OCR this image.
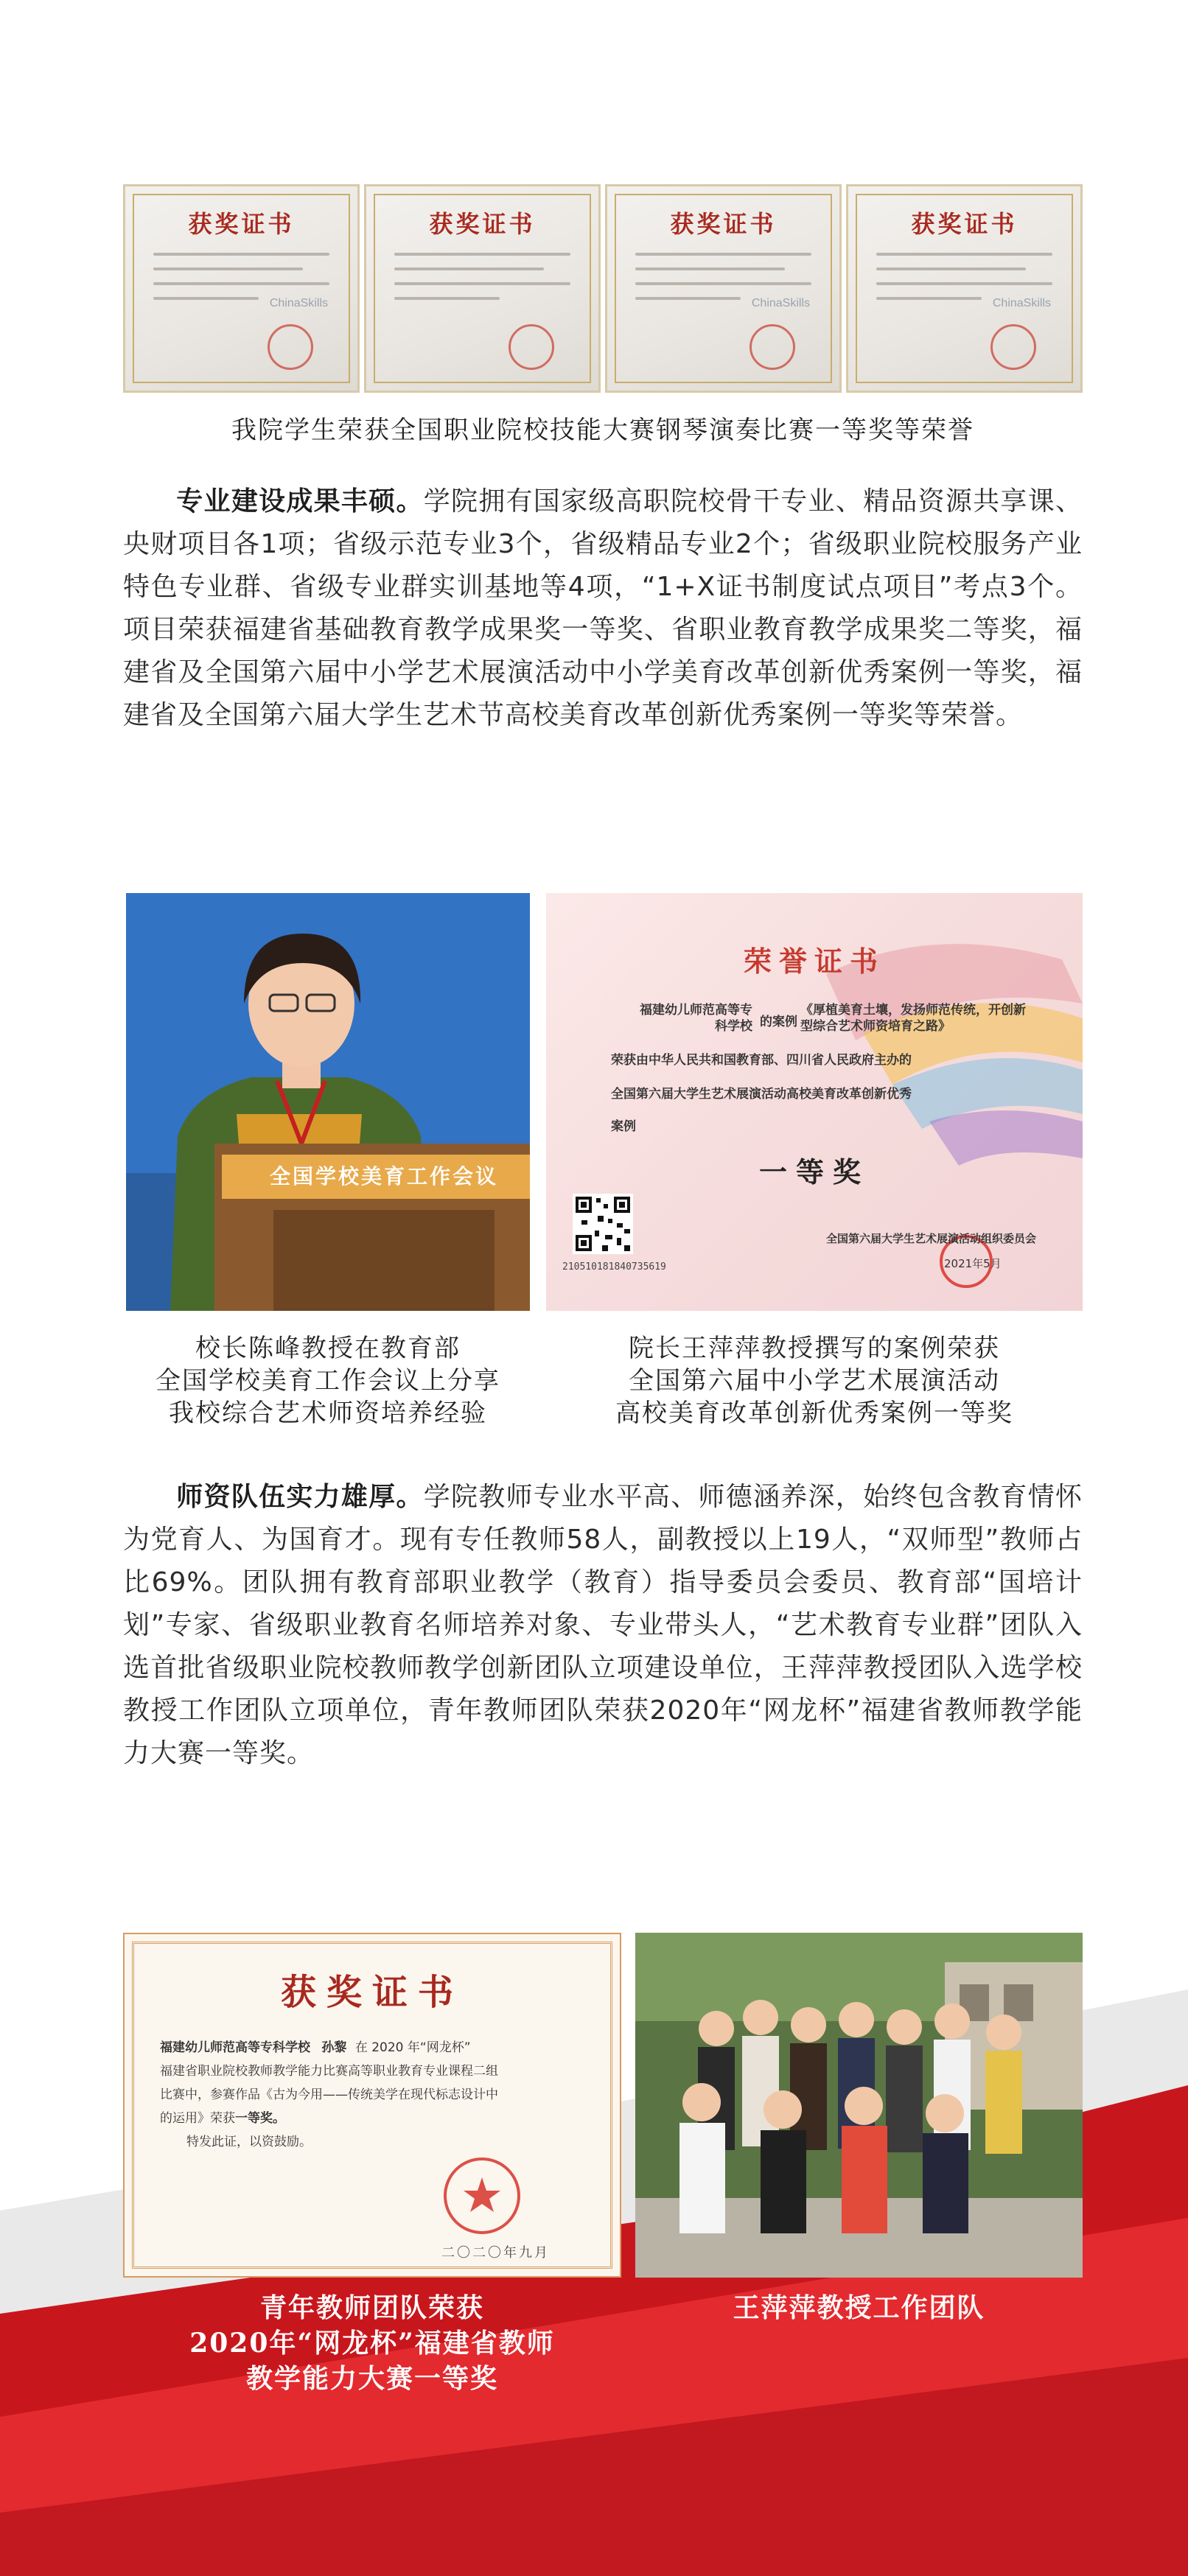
获奖证书
ChinaSkills
获奖证书	获奖证书
ChinaSkills
获奖证书
ChinaSkills
我院学生荣获全国职业院校技能大赛钢琴演奏比赛一等奖等荣誉
专业建设成果丰硕。学院拥有国家级高职院校骨干专业、精品资源共享课、央财项目各1项；省级示范专业3个，省级精品专业2个；省级职业院校服务产业特色专业群、省级专业群实训基地等4项，“1+X证书制度试点项目”考点3个。项目荣获福建省基础教育教学成果奖一等奖、省职业教育教学成果奖二等奖，福建省及全国第六届中小学艺术展演活动中小学美育改革创新优秀案例一等奖，福建省及全国第六届大学生艺术节高校美育改革创新优秀案例一等奖等荣誉。
全国学校美育工作会议
荣誉证书
福建幼儿师范高等专科学校 的案例
《厚植美育土壤，发扬师范传统，开创新型综合艺术师资培育之路》
荣获由中华人民共和国教育部、四川省人民政府主办的
全国第六届大学生艺术展演活动高校美育改革创新优秀
案例
一等奖
210510181840735619
全国第六届大学生艺术展演活动组织委员会
2021年5月
校长陈峰教授在教育部
全国学校美育工作会议上分享
我校综合艺术师资培养经验
院长王萍萍教授撰写的案例荣获
全国第六届中小学艺术展演活动
高校美育改革创新优秀案例一等奖
师资队伍实力雄厚。学院教师专业水平高、师德涵养深，始终包含教育情怀为党育人、为国育才。现有专任教师58人，副教授以上19人，“双师型”教师占比69%。团队拥有教育部职业教学（教育）指导委员会委员、教育部“国培计划”专家、省级职业教育名师培养对象、专业带头人，“艺术教育专业群”团队入选首批省级职业院校教师教学创新团队立项建设单位，王萍萍教授团队入选学校教授工作团队立项单位，青年教师团队荣获2020年“网龙杯”福建省教师教学能力大赛一等奖。
获奖证书
福建幼儿师范高等专科学校 孙黎 在 2020 年“网龙杯”
福建省职业院校教师教学能力比赛高等职业教育专业课程二组
比赛中，参赛作品《古为今用——传统美学在现代标志设计中
的运用》荣获一等奖。
特发此证，以资鼓励。
二〇二〇年九月
青年教师团队荣获
2020年“网龙杯”福建省教师
教学能力大赛一等奖
王萍萍教授工作团队
